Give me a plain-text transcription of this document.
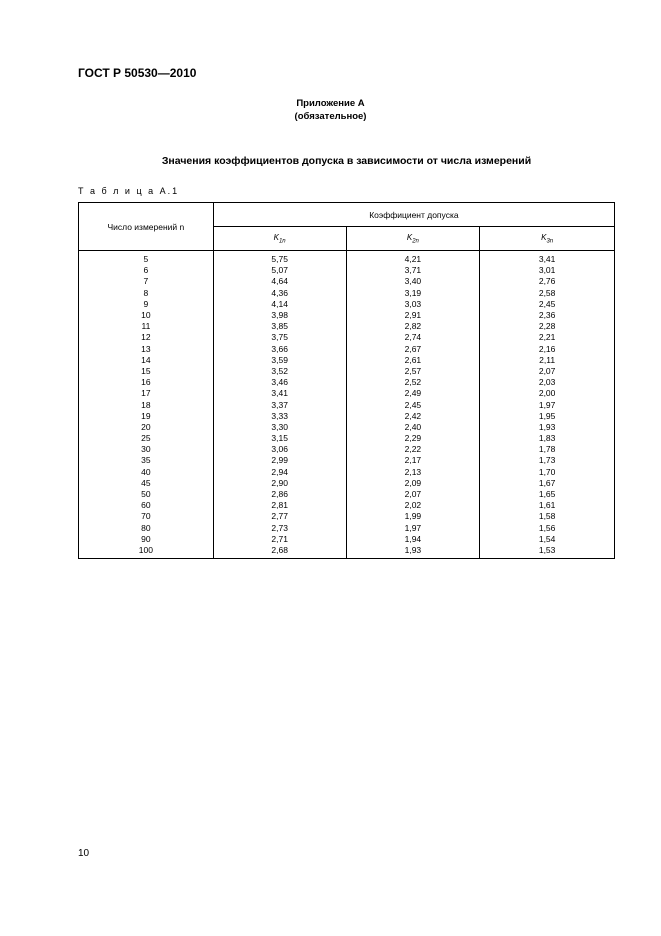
ГОСТ Р 50530—2010
Приложение А
(обязательное)
Значения коэффициентов допуска в зависимости от числа измерений
Т а б л и ц а А.1
Число измерений n	Коэффициент допуска		
	$K_{1n}$	$K_{2n}$	$K_{3n}$
5	5,75	4,21	3,41
6	5,07	3,71	3,01
7	4,64	3,40	2,76
8	4,36	3,19	2,58
9	4,14	3,03	2,45
10	3,98	2,91	2,36
11	3,85	2,82	2,28
12	3,75	2,74	2,21
13	3,66	2,67	2,16
14	3,59	2,61	2,11
15	3,52	2,57	2,07
16	3,46	2,52	2,03
17	3,41	2,49	2,00
18	3,37	2,45	1,97
19	3,33	2,42	1,95
20	3,30	2,40	1,93
25	3,15	2,29	1,83
30	3,06	2,22	1,78
35	2,99	2,17	1,73
40	2,94	2,13	1,70
45	2,90	2,09	1,67
50	2,86	2,07	1,65
60	2,81	2,02	1,61
70	2,77	1,99	1,58
80	2,73	1,97	1,56
90	2,71	1,94	1,54
100	2,68	1,93	1,53
10
